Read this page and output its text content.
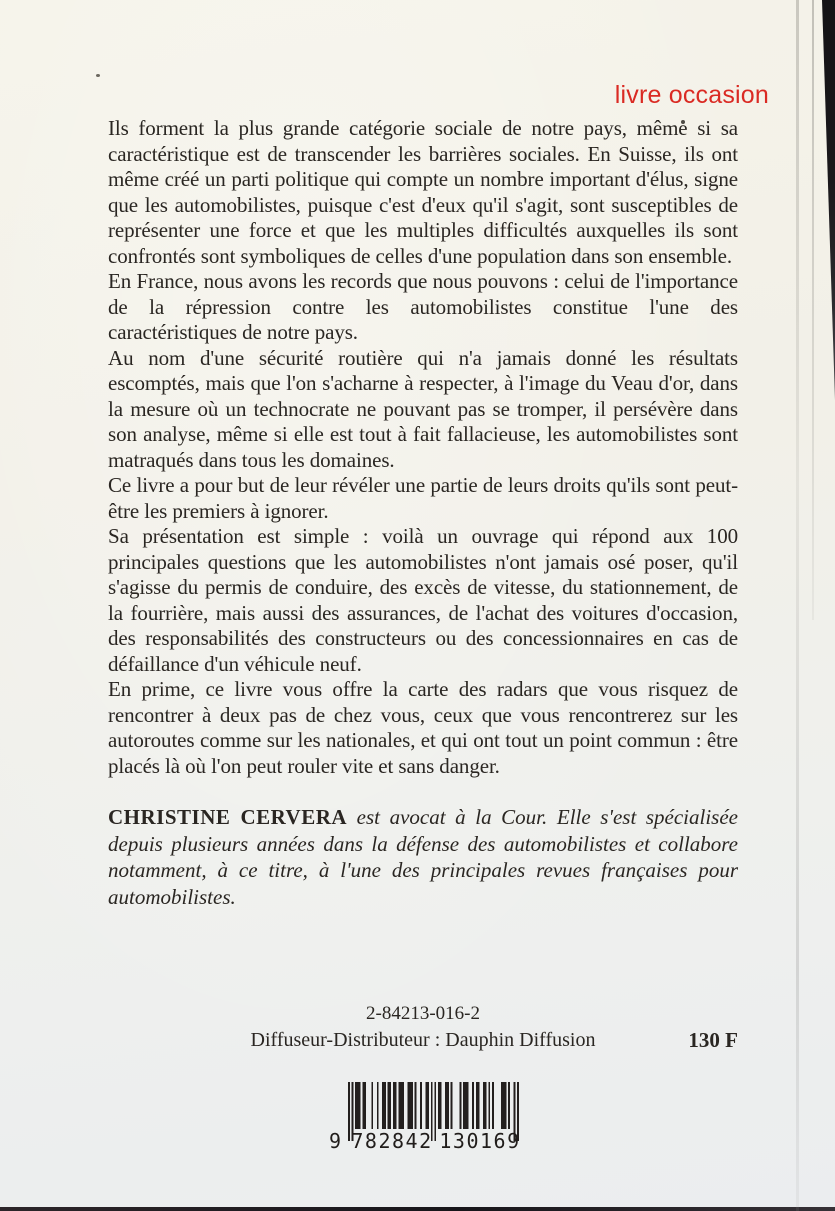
livre occasion

Ils forment la plus grande catégorie sociale de notre pays, même si sa caractéristique est de transcender les barrières sociales. En Suisse, ils ont même créé un parti politique qui compte un nombre important d'élus, signe que les automobilistes, puisque c'est d'eux qu'il s'agit, sont susceptibles de représenter une force et que les multiples difficultés auxquelles ils sont confrontés sont symboliques de celles d'une population dans son ensemble.

En France, nous avons les records que nous pouvons : celui de l'importance de la répression contre les automobilistes constitue l'une des caractéristiques de notre pays.

Au nom d'une sécurité routière qui n'a jamais donné les résultats escomptés, mais que l'on s'acharne à respecter, à l'image du Veau d'or, dans la mesure où un technocrate ne pouvant pas se tromper, il persévère dans son analyse, même si elle est tout à fait fallacieuse, les automobilistes sont matraqués dans tous les domaines.

Ce livre a pour but de leur révéler une partie de leurs droits qu'ils sont peut-être les premiers à ignorer.

Sa présentation est simple : voilà un ouvrage qui répond aux 100 principales questions que les automobilistes n'ont jamais osé poser, qu'il s'agisse du permis de conduire, des excès de vitesse, du stationnement, de la fourrière, mais aussi des assurances, de l'achat des voitures d'occasion, des responsabilités des constructeurs ou des concessionnaires en cas de défaillance d'un véhicule neuf.

En prime, ce livre vous offre la carte des radars que vous risquez de rencontrer à deux pas de chez vous, ceux que vous rencontrerez sur les autoroutes comme sur les nationales, et qui ont tout un point commun : être placés là où l'on peut rouler vite et sans danger.

CHRISTINE CERVERA est avocat à la Cour. Elle s'est spécialisée depuis plusieurs années dans la défense des automobilistes et collabore notamment, à ce titre, à l'une des principales revues françaises pour automobilistes.
2-84213-016-2
Diffuseur-Distributeur : Dauphin Diffusion	130 F
9 782842 130169
